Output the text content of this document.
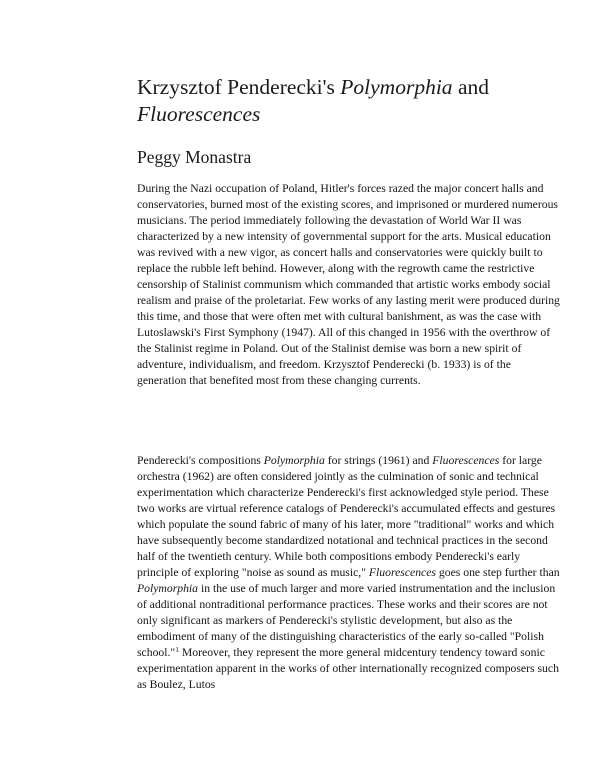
Krzysztof Penderecki's Polymorphia and
Fluorescences
Peggy Monastra

During the Nazi occupation of Poland, Hitler's forces razed the major concert halls and
conservatories, burned most of the existing scores, and imprisoned or murdered numerous
musicians. The period immediately following the devastation of World War II was
characterized by a new intensity of governmental support for the arts. Musical education
was revived with a new vigor, as concert halls and conservatories were quickly built to
replace the rubble left behind. However, along with the regrowth came the restrictive
censorship of Stalinist communism which commanded that artistic works embody social
realism and praise of the proletariat. Few works of any lasting merit were produced during
this time, and those that were often met with cultural banishment, as was the case with
Lutoslawski's First Symphony (1947). All of this changed in 1956 with the overthrow of
the Stalinist regime in Poland. Out of the Stalinist demise was born a new spirit of
adventure, individualism, and freedom. Krzysztof Penderecki (b. 1933) is of the
generation that benefited most from these changing currents.

Penderecki's compositions Polymorphia for strings (1961) and Fluorescences for large
orchestra (1962) are often considered jointly as the culmination of sonic and technical
experimentation which characterize Penderecki's first acknowledged style period. These
two works are virtual reference catalogs of Penderecki's accumulated effects and gestures
which populate the sound fabric of many of his later, more "traditional" works and which
have subsequently become standardized notational and technical practices in the second
half of the twentieth century. While both compositions embody Penderecki's early
principle of exploring "noise as sound as music," Fluorescences goes one step further than
Polymorphia in the use of much larger and more varied instrumentation and the inclusion
of additional nontraditional performance practices. These works and their scores are not
only significant as markers of Penderecki's stylistic development, but also as the
embodiment of many of the distinguishing characteristics of the early so-called "Polish
school."$^1$ Moreover, they represent the more general midcentury tendency toward sonic
experimentation apparent in the works of other internationally recognized composers such
as Boulez, Lutos
